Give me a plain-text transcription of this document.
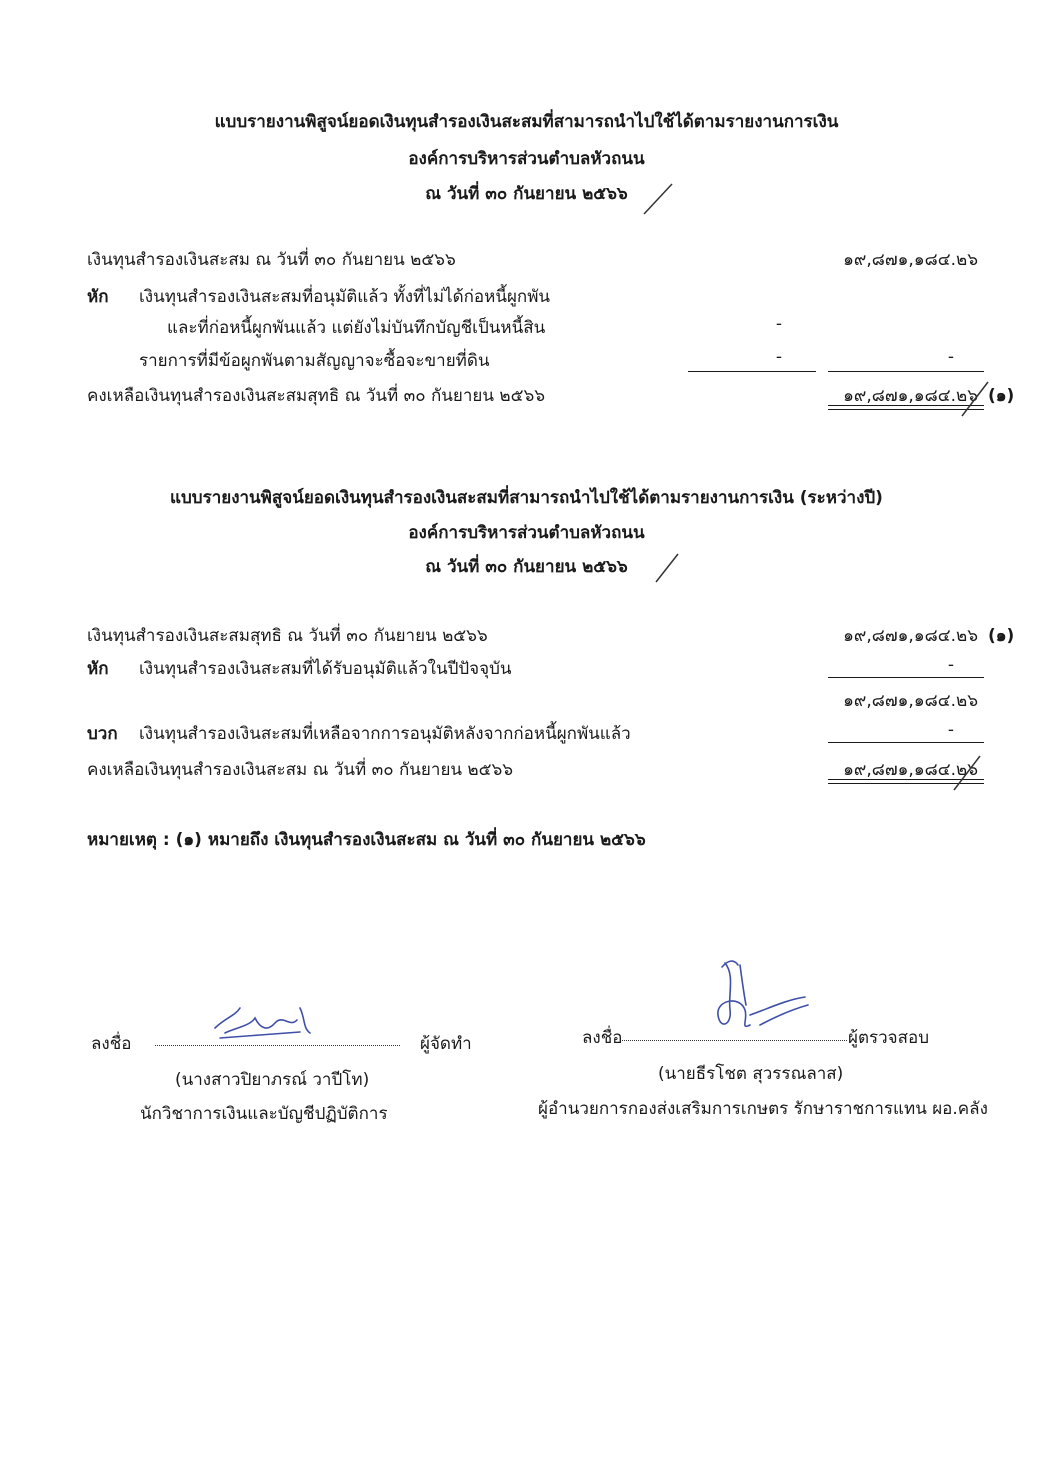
แบบรายงานพิสูจน์ยอดเงินทุนสำรองเงินสะสมที่สามารถนำไปใช้ได้ตามรายงานการเงิน
องค์การบริหารส่วนตำบลหัวถนน
ณ วันที่ ๓๐ กันยายน ๒๕๖๖
เงินทุนสำรองเงินสะสม ณ วันที่ ๓๐ กันยายน ๒๕๖๖	๑๙,๘๗๑,๑๘๔.๒๖
หัก เงินทุนสำรองเงินสะสมที่อนุมัติแล้ว ทั้งที่ไม่ได้ก่อหนี้ผูกพัน
และที่ก่อหนี้ผูกพันแล้ว แต่ยังไม่บันทึกบัญชีเป็นหนี้สิน	-
รายการที่มีข้อผูกพันตามสัญญาจะซื้อจะขายที่ดิน	-	-
คงเหลือเงินทุนสำรองเงินสะสมสุทธิ ณ วันที่ ๓๐ กันยายน ๒๕๖๖	๑๙,๘๗๑,๑๘๔.๒๖ (๑)
แบบรายงานพิสูจน์ยอดเงินทุนสำรองเงินสะสมที่สามารถนำไปใช้ได้ตามรายงานการเงิน (ระหว่างปี)
องค์การบริหารส่วนตำบลหัวถนน
ณ วันที่ ๓๐ กันยายน ๒๕๖๖
เงินทุนสำรองเงินสะสมสุทธิ ณ วันที่ ๓๐ กันยายน ๒๕๖๖	๑๙,๘๗๑,๑๘๔.๒๖ (๑)
หัก เงินทุนสำรองเงินสะสมที่ได้รับอนุมัติแล้วในปีปัจจุบัน	-
๑๙,๘๗๑,๑๘๔.๒๖
บวก เงินทุนสำรองเงินสะสมที่เหลือจากการอนุมัติหลังจากก่อหนี้ผูกพันแล้ว	-
คงเหลือเงินทุนสำรองเงินสะสม ณ วันที่ ๓๐ กันยายน ๒๕๖๖	๑๙,๘๗๑,๑๘๔.๒๖
หมายเหตุ : (๑) หมายถึง เงินทุนสำรองเงินสะสม ณ วันที่ ๓๐ กันยายน ๒๕๖๖
ลงชื่อ	ผู้จัดทำ
(นางสาวปิยาภรณ์ วาปีโท)
นักวิชาการเงินและบัญชีปฏิบัติการ
ลงชื่อ	ผู้ตรวจสอบ
(นายธีรโชต สุวรรณลาส)
ผู้อำนวยการกองส่งเสริมการเกษตร รักษาราชการแทน ผอ.คลัง
